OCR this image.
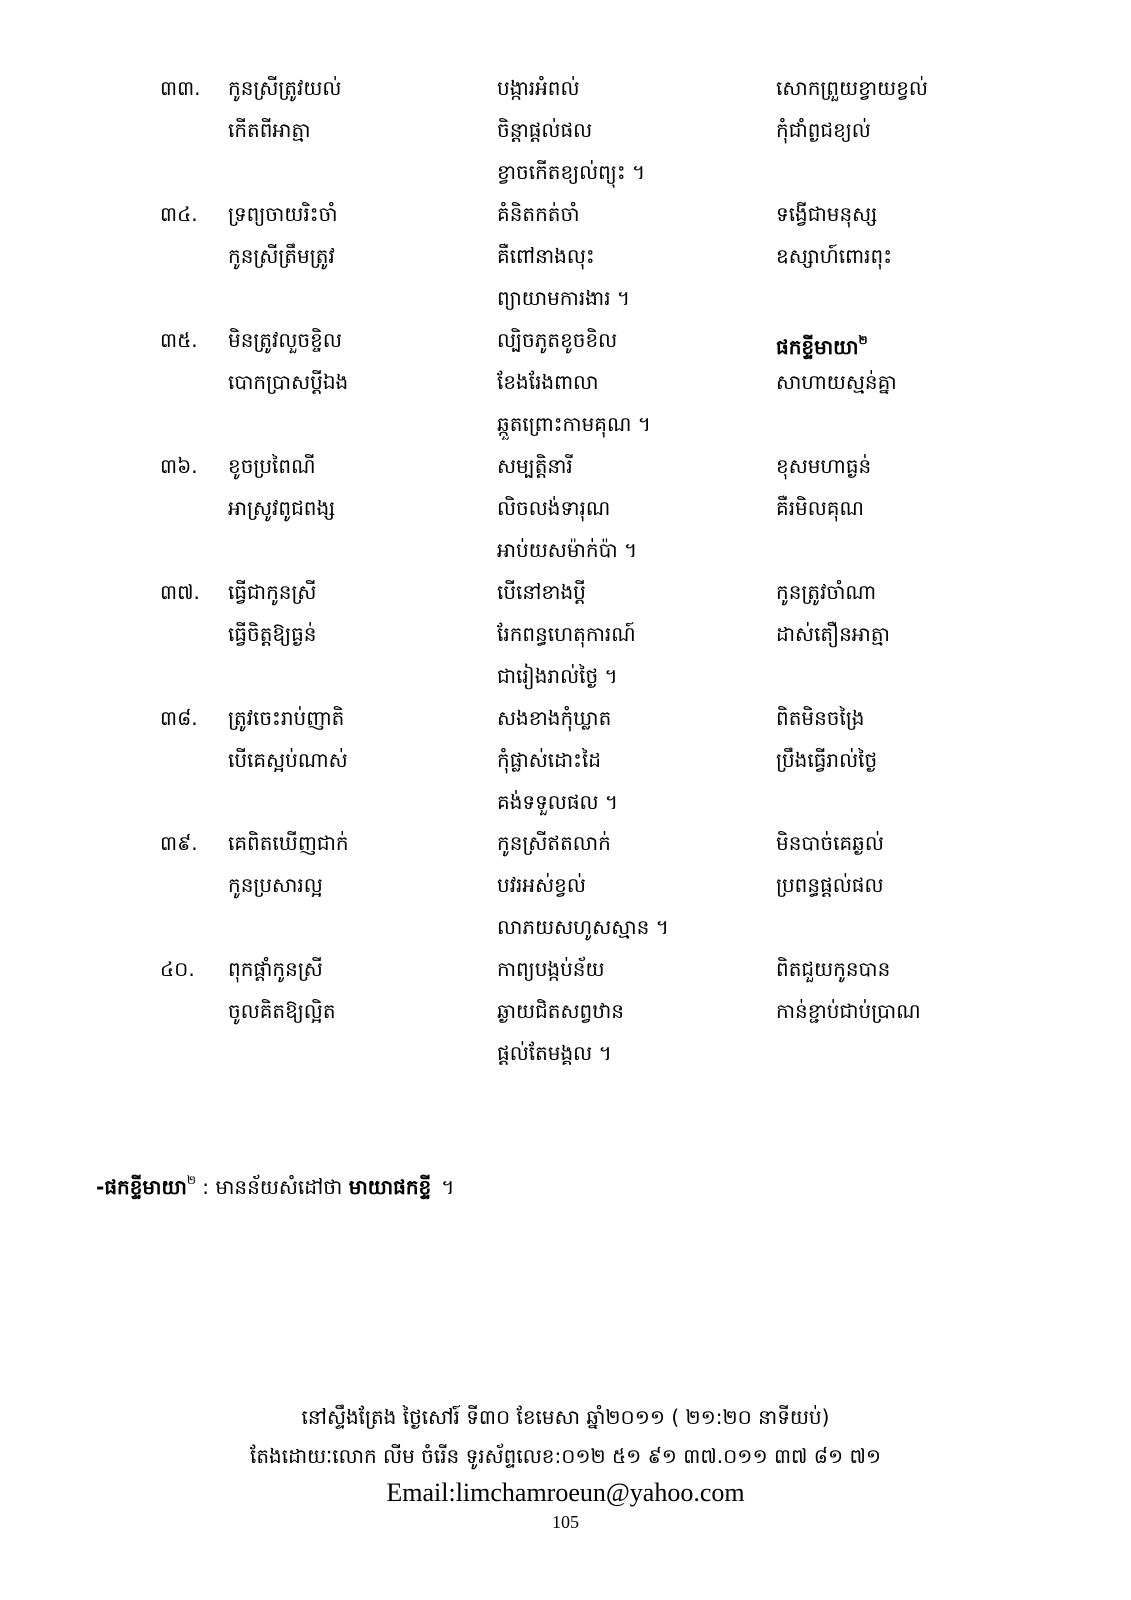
៣៣. កូនស្រីត្រូវយល់	បង្ការអំពល់	សោកព្រួយខ្វាយខ្វល់
កើតពីអាត្មា	ចិន្តាផ្តល់ផល	កុំជាំព្ងជខ្យល់
ខ្វាចកើតខ្យល់ព្យុះ ។
៣៤. ទ្រព្យចាយរិះចាំ	គំនិតកត់ចាំ	ទង្វើជាមនុស្ស
កូនស្រីត្រឹមត្រូវ	គឺពៅនាងលុះ	ឧស្សាហ៍ពោរពុះ
ព្យាយាមការងារ ។
៣៥. មិនត្រូវលួចខ្ចិល	ល្បិចភូតខូចខិល	ផកខ្ទីមាយា$^២$
បោកប្រាសប្តីឯង	ខែងរែងពាលា	សាហាយស្មន់គ្នា
ឆ្កួតព្រោះកាមគុណ ។
៣៦. ខូចប្រពៃណី	សម្បត្តិនារី	ខុសមហាធ្ងន់
អាស្រូវពូជពង្ស	លិចលង់ទារុណ	គឺរមិលគុណ
អាប់យសម៉ាក់ប៉ា ។
៣៧. ធ្វើជាកូនស្រី	បើនៅខាងប្តី	កូនត្រូវចាំណា
ធ្វើចិត្តឱ្យធ្ងន់	រែកពន្ធហេតុការណ៍	ដាស់តឿនអាត្មា
ជារៀងរាល់ថ្ងៃ ។
៣៨. ត្រូវចេះរាប់ញាតិ	សងខាងកុំឃ្លាត	ពិតមិនចង្រៃ
បើគេស្អប់ណាស់	កុំផ្លាស់ដោះដៃ	ប្រឹងធ្វើរាល់ថ្ងៃ
គង់ទទួលផល ។
៣៩. គេពិតឃើញជាក់	កូនស្រីឥតលាក់	មិនបាច់គេឆ្ងល់
កូនប្រសារល្អ	បវរអស់ខ្វល់	ប្រពន្ធផ្តល់ផល
លាភយសហូសស្មាន ។
៤០. ពុកផ្តាំកូនស្រី	កាព្យបង្កប់ន័យ	ពិតជួយកូនបាន
ចូលគិតឱ្យល្អិត	ឆ្ងាយជិតសព្វឋាន	កាន់ខ្ជាប់ជាប់ប្រាណ
ផ្តល់តែមង្គល ។
-ផកខ្ទីមាយា$^២$ : មានន័យសំដៅថា មាយាផកខ្ទី ។
នៅស្ទឹងត្រែង ថ្ងៃសៅរ៍ ទី៣០ ខែមេសា ឆ្នាំ២០១១ ( ២១:២០ នាទីយប់)
តែងដោយៈលោក លីម ចំរើន ទូរស័ព្ទលេខ:០១២ ៥១ ៩១ ៣៧.០១១ ៣៧ ៨១ ៧១
Email:limchamroeun@yahoo.com
105
